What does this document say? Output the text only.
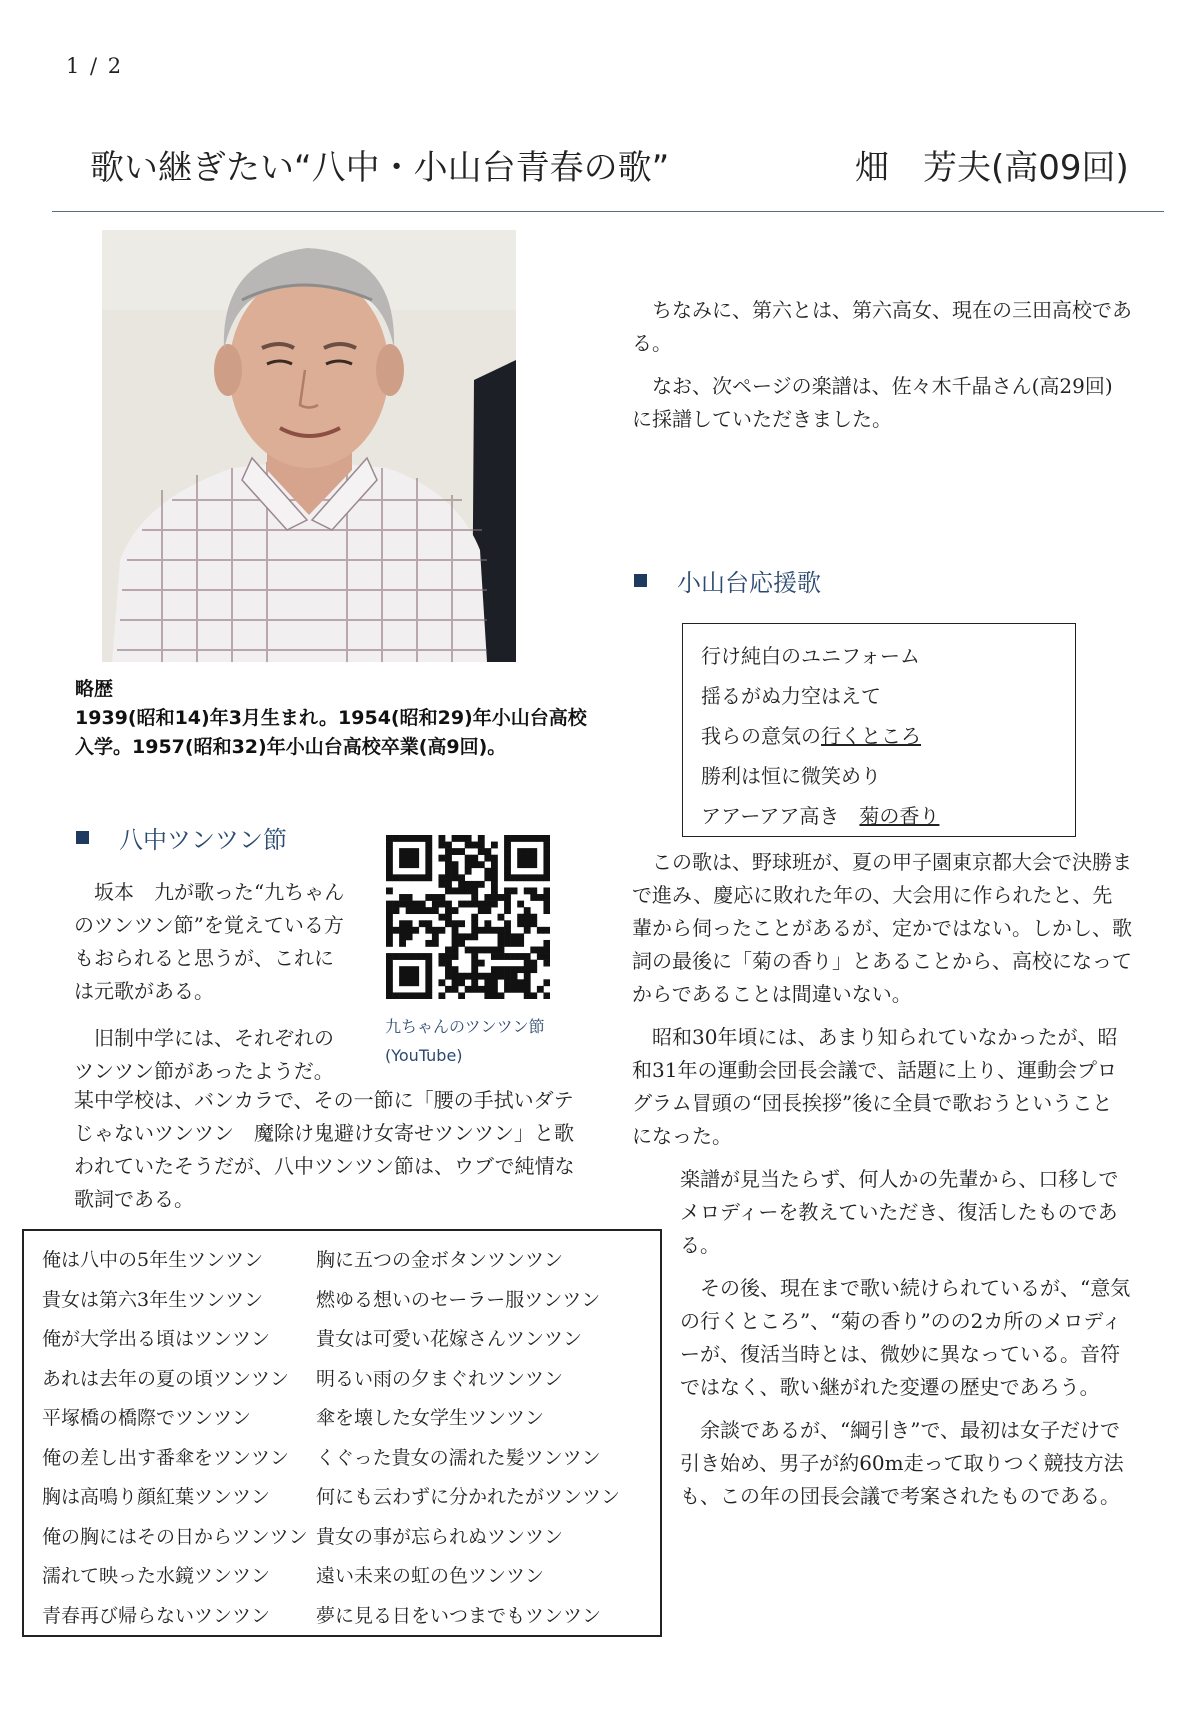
1 / 2
歌い継ぎたい“八中・小山台青春の歌”	畑　芳夫(高09回)

略歴

1939(昭和14)年3月生まれ。1954(昭和29)年小山台高校入学。1957(昭和32)年小山台高校卒業(高9回)。

八中ツンツン節

坂本　九が歌った“九ちゃんのツンツン節”を覚えている方もおられると思うが、これには元歌がある。

旧制中学には、それぞれのツンツン節があったようだ。

某中学校は、バンカラで、その一節に「腰の手拭いダテじゃないツンツン　魔除け鬼避け女寄せツンツン」と歌われていたそうだが、八中ツンツン節は、ウブで純情な歌詞である。

九ちゃんのツンツン節
(YouTube)
俺は八中の5年生ツンツン	胸に五つの金ボタンツンツン
貴女は第六3年生ツンツン	燃ゆる想いのセーラー服ツンツン
俺が大学出る頃はツンツン 貴女は可愛い花嫁さんツンツン
あれは去年の夏の頃ツンツン 明るい雨の夕まぐれツンツン
平塚橋の橋際でツンツン	傘を壊した女学生ツンツン
俺の差し出す番傘をツンツン くぐった貴女の濡れた髪ツンツン
胸は高鳴り顔紅葉ツンツン 何にも云わずに分かれたがツンツン
俺の胸にはその日からツンツン 貴女の事が忘られぬツンツン
濡れて映った水鏡ツンツン 遠い未来の虹の色ツンツン
青春再び帰らないツンツン 夢に見る日をいつまでもツンツン

ちなみに、第六とは、第六高女、現在の三田高校である。

なお、次ページの楽譜は、佐々木千晶さん(高29回)に採譜していただきました。

小山台応援歌
行け純白のユニフォーム
揺るがぬ力空はえて
我らの意気の行くところ
勝利は恒に微笑めり
アアーアア高き　菊の香り

この歌は、野球班が、夏の甲子園東京都大会で決勝まで進み、慶応に敗れた年の、大会用に作られたと、先輩から伺ったことがあるが、定かではない。しかし、歌詞の最後に「菊の香り」とあることから、高校になってからであることは間違いない。

昭和30年頃には、あまり知られていなかったが、昭和31年の運動会団長会議で、話題に上り、運動会プログラム冒頭の“団長挨拶”後に全員で歌おうということになった。

楽譜が見当たらず、何人かの先輩から、口移しでメロディーを教えていただき、復活したものである。

その後、現在まで歌い続けられているが、“意気の行くところ”、“菊の香り”のの2カ所のメロディーが、復活当時とは、微妙に異なっている。音符ではなく、歌い継がれた変遷の歴史であろう。

余談であるが、“綱引き”で、最初は女子だけで引き始め、男子が約60m走って取りつく競技方法も、この年の団長会議で考案されたものである。
